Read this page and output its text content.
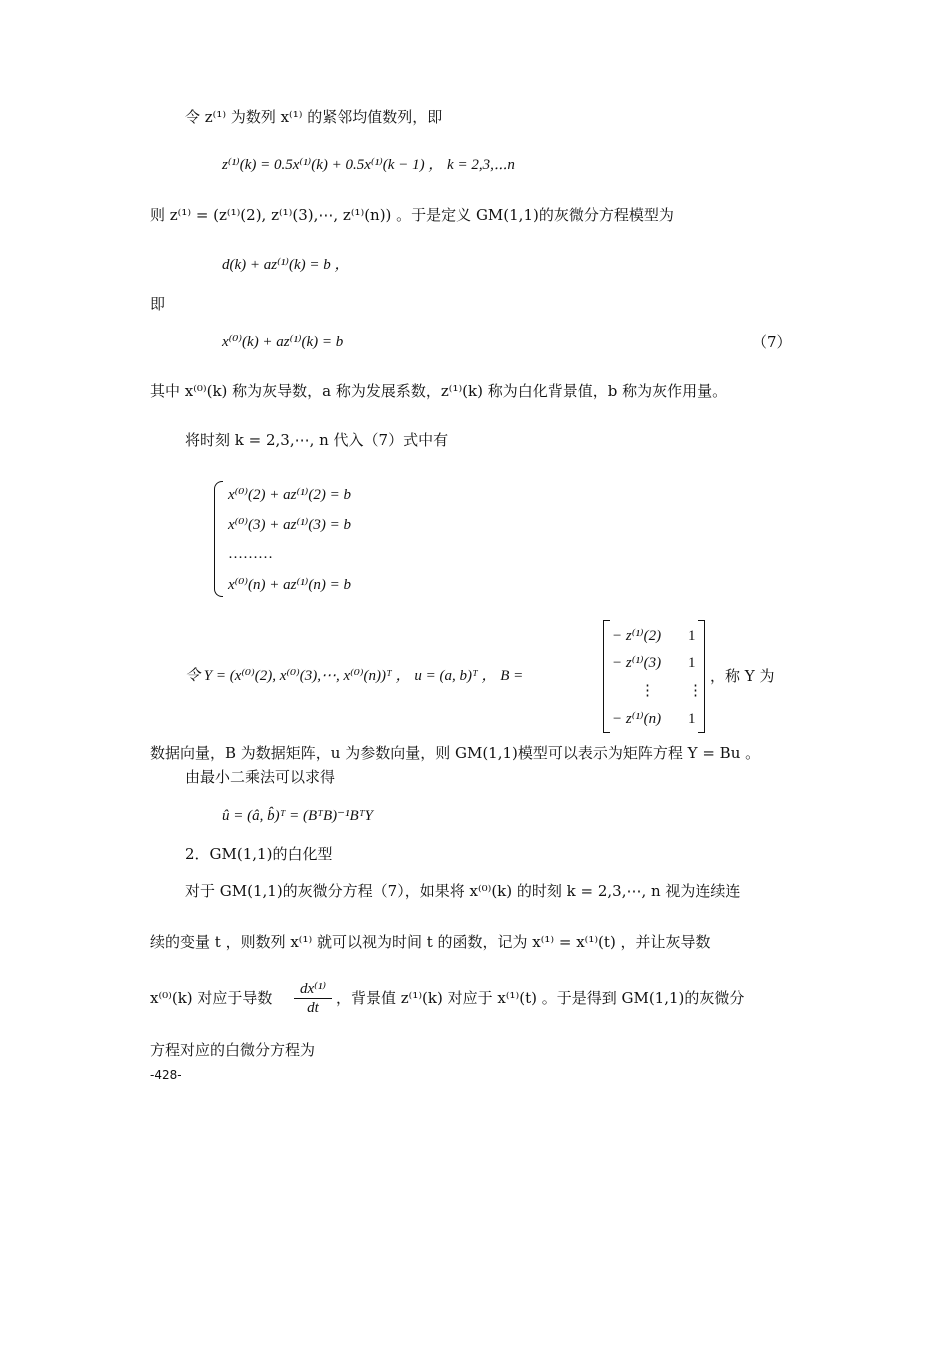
令 z⁽¹⁾ 为数列 x⁽¹⁾ 的紧邻均值数列，即
z⁽¹⁾(k) = 0.5x⁽¹⁾(k) + 0.5x⁽¹⁾(k − 1) ， k = 2,3,⋯n
则 z⁽¹⁾ = (z⁽¹⁾(2), z⁽¹⁾(3),⋯, z⁽¹⁾(n)) 。于是定义 GM(1,1)的灰微分方程模型为
d(k) + az⁽¹⁾(k) = b ，
即
x⁽⁰⁾(k) + az⁽¹⁾(k) = b	（7）
其中 x⁽⁰⁾(k) 称为灰导数，a 称为发展系数，z⁽¹⁾(k) 称为白化背景值，b 称为灰作用量。
将时刻 k = 2,3,⋯, n 代入（7）式中有
x⁽⁰⁾(2) + az⁽¹⁾(2) = b
x⁽⁰⁾(3) + az⁽¹⁾(3) = b
………
x⁽⁰⁾(n) + az⁽¹⁾(n) = b
令 Y = (x⁽⁰⁾(2), x⁽⁰⁾(3),⋯, x⁽⁰⁾(n))ᵀ ， u = (a, b)ᵀ ， B =
− z⁽¹⁾(2) 1
− z⁽¹⁾(3) 1
⋮ ⋮
− z⁽¹⁾(n) 1
，称 Y 为
数据向量，B 为数据矩阵，u 为参数向量，则 GM(1,1)模型可以表示为矩阵方程 Y = Bu 。
由最小二乘法可以求得
û = (â, b̂)ᵀ = (BᵀB)⁻¹BᵀY
2．GM(1,1)的白化型
对于 GM(1,1)的灰微分方程（7），如果将 x⁽⁰⁾(k) 的时刻 k = 2,3,⋯, n 视为连续连
续的变量 t ，则数列 x⁽¹⁾ 就可以视为时间 t 的函数，记为 x⁽¹⁾ = x⁽¹⁾(t) ，并让灰导数
x⁽⁰⁾(k) 对应于导数 $\frac{\text{dx⁽¹⁾}}{dt}$ ，背景值 z⁽¹⁾(k) 对应于 x⁽¹⁾(t) 。于是得到 GM(1,1)的灰微分
方程对应的白微分方程为
-428-
